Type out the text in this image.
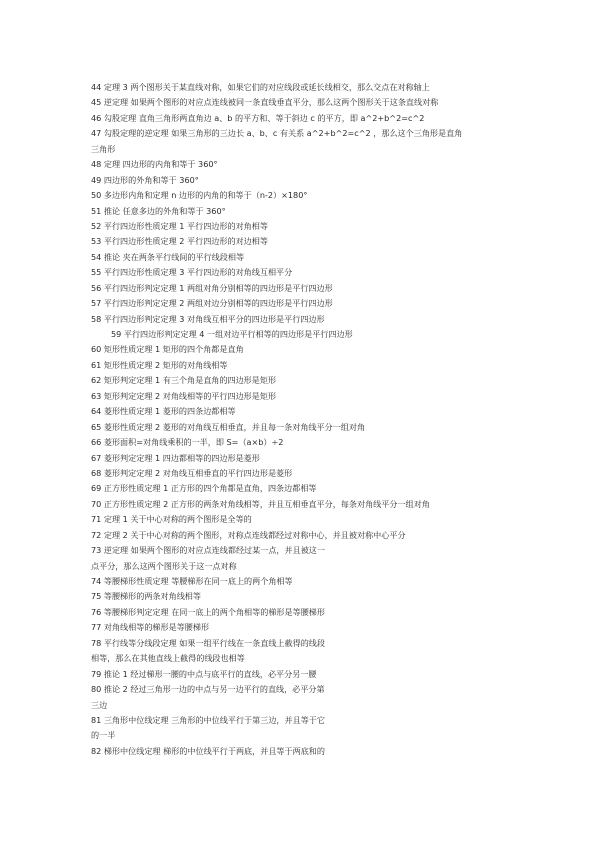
44 定理 3 两个图形关于某直线对称，如果它们的对应线段或延长线相交，那么交点在对称轴上
45 逆定理 如果两个图形的对应点连线被同一条直线垂直平分，那么这两个图形关于这条直线对称
46 勾股定理 直角三角形两直角边 a、b 的平方和、等于斜边 c 的平方，即 a^2+b^2=c^2
47 勾股定理的逆定理 如果三角形的三边长 a、b、c 有关系 a^2+b^2=c^2 ，那么这个三角形是直角
三角形
48 定理 四边形的内角和等于 360°
49 四边形的外角和等于 360°
50 多边形内角和定理 n 边形的内角的和等于（n-2）×180°
51 推论 任意多边的外角和等于 360°
52 平行四边形性质定理 1 平行四边形的对角相等
53 平行四边形性质定理 2 平行四边形的对边相等
54 推论 夹在两条平行线间的平行线段相等
55 平行四边形性质定理 3 平行四边形的对角线互相平分
56 平行四边形判定定理 1 两组对角分别相等的四边形是平行四边形
57 平行四边形判定定理 2 两组对边分别相等的四边形是平行四边形
58 平行四边形判定定理 3 对角线互相平分的四边形是平行四边形
59 平行四边形判定定理 4 一组对边平行相等的四边形是平行四边形
60 矩形性质定理 1 矩形的四个角都是直角
61 矩形性质定理 2 矩形的对角线相等
62 矩形判定定理 1 有三个角是直角的四边形是矩形
63 矩形判定定理 2 对角线相等的平行四边形是矩形
64 菱形性质定理 1 菱形的四条边都相等
65 菱形性质定理 2 菱形的对角线互相垂直，并且每一条对角线平分一组对角
66 菱形面积=对角线乘积的一半，即 S=（a×b）÷2
67 菱形判定定理 1 四边都相等的四边形是菱形
68 菱形判定定理 2 对角线互相垂直的平行四边形是菱形
69 正方形性质定理 1 正方形的四个角都是直角，四条边都相等
70 正方形性质定理 2 正方形的两条对角线相等，并且互相垂直平分，每条对角线平分一组对角
71 定理 1 关于中心对称的两个图形是全等的
72 定理 2 关于中心对称的两个图形，对称点连线都经过对称中心，并且被对称中心平分
73 逆定理 如果两个图形的对应点连线都经过某一点，并且被这一
点平分，那么这两个图形关于这一点对称
74 等腰梯形性质定理 等腰梯形在同一底上的两个角相等
75 等腰梯形的两条对角线相等
76 等腰梯形判定定理 在同一底上的两个角相等的梯形是等腰梯形
77 对角线相等的梯形是等腰梯形
78 平行线等分线段定理 如果一组平行线在一条直线上截得的线段
相等，那么在其他直线上截得的线段也相等
79 推论 1 经过梯形一腰的中点与底平行的直线，必平分另一腰
80 推论 2 经过三角形一边的中点与另一边平行的直线，必平分第
三边
81 三角形中位线定理 三角形的中位线平行于第三边，并且等于它
的一半
82 梯形中位线定理 梯形的中位线平行于两底，并且等于两底和的
